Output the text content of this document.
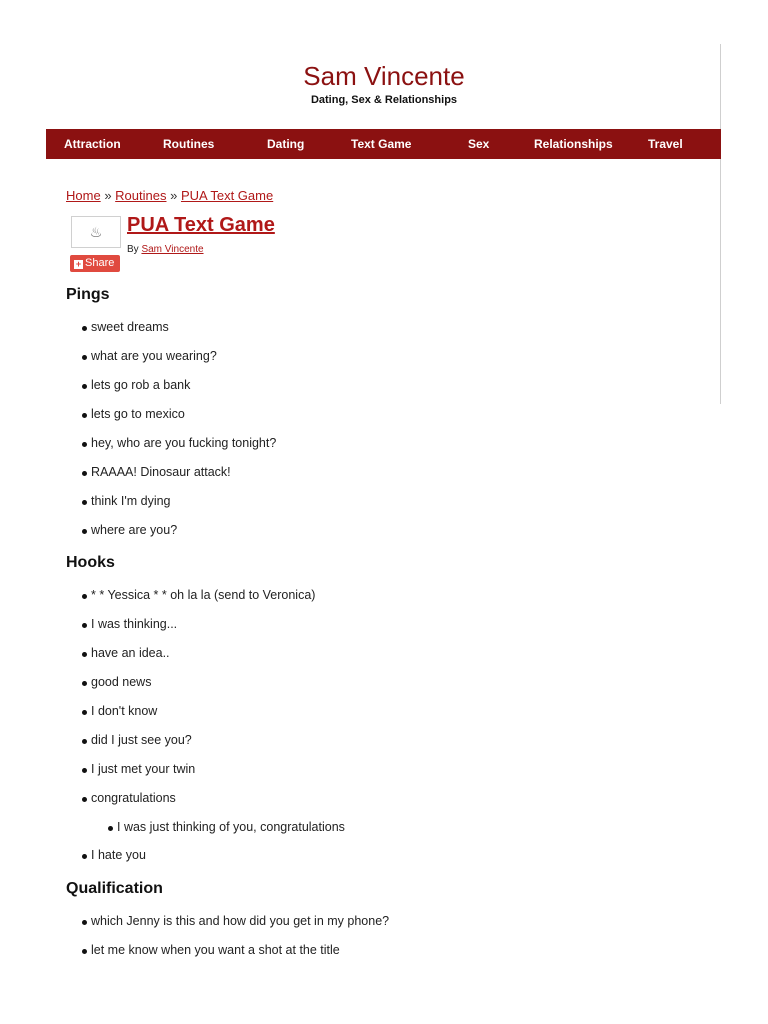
Sam Vincente
Dating, Sex & Relationships
Attraction	Routines	Dating	Text Game	Sex	Relationships	Travel
Home » Routines » PUA Text Game
♨
+ Share
PUA Text Game
By Sam Vincente
Pings
sweet dreams
what are you wearing?
lets go rob a bank
lets go to mexico
hey, who are you fucking tonight?
RAAAA! Dinosaur attack!
think I'm dying
where are you?
Hooks
* * Yessica * * oh la la (send to Veronica)
I was thinking...
have an idea..
good news
I don't know
did I just see you?
I just met your twin
congratulations
I was just thinking of you, congratulations
I hate you
Qualification
which Jenny is this and how did you get in my phone?
let me know when you want a shot at the title
